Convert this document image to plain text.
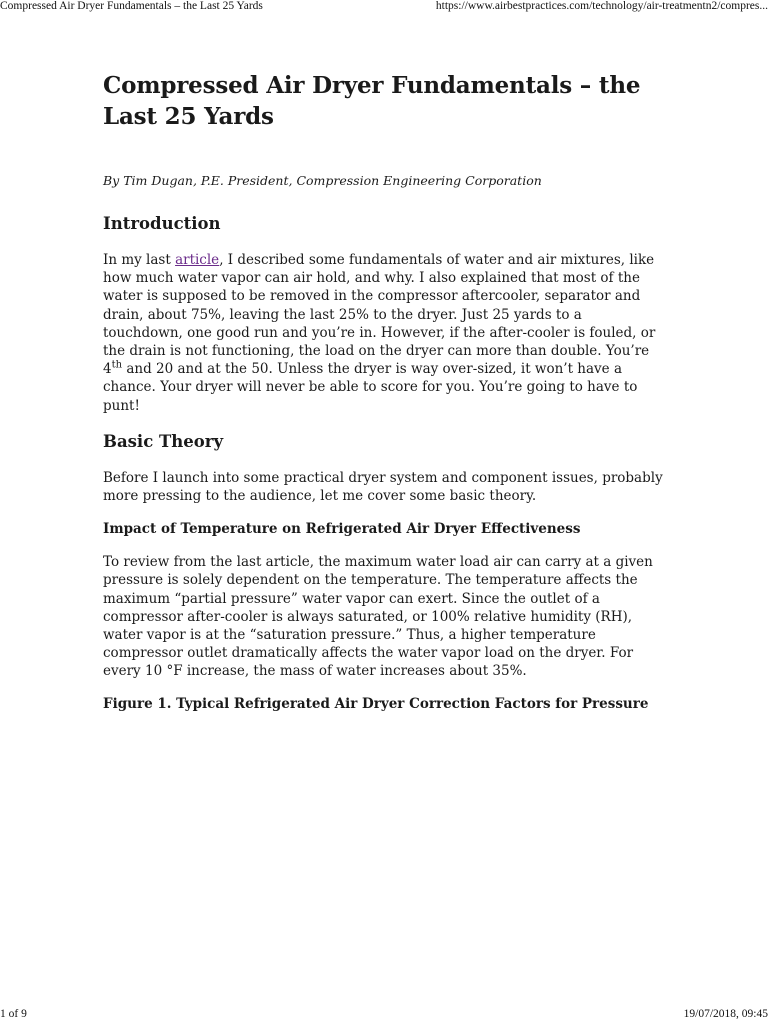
Compressed Air Dryer Fundamentals – the Last 25 Yards	https://www.airbestpractices.com/technology/air-treatmentn2/compres...
Compressed Air Dryer Fundamentals – the Last 25 Yards

By Tim Dugan, P.E. President, Compression Engineering Corporation

Introduction

In my last article, I described some fundamentals of water and air mixtures, like how much water vapor can air hold, and why. I also explained that most of the water is supposed to be removed in the compressor aftercooler, separator and drain, about 75%, leaving the last 25% to the dryer. Just 25 yards to a touchdown, one good run and you’re in. However, if the after-cooler is fouled, or the drain is not functioning, the load on the dryer can more than double. You’re 4th and 20 and at the 50. Unless the dryer is way over-sized, it won’t have a chance. Your dryer will never be able to score for you. You’re going to have to punt!

Basic Theory

Before I launch into some practical dryer system and component issues, probably more pressing to the audience, let me cover some basic theory.

Impact of Temperature on Refrigerated Air Dryer Effectiveness

To review from the last article, the maximum water load air can carry at a given pressure is solely dependent on the temperature. The temperature affects the maximum “partial pressure” water vapor can exert. Since the outlet of a compressor after-cooler is always saturated, or 100% relative humidity (RH), water vapor is at the “saturation pressure.” Thus, a higher temperature compressor outlet dramatically affects the water vapor load on the dryer. For every 10 °F increase, the mass of water increases about 35%.

Figure 1. Typical Refrigerated Air Dryer Correction Factors for Pressure
1 of 9	19/07/2018, 09:45
